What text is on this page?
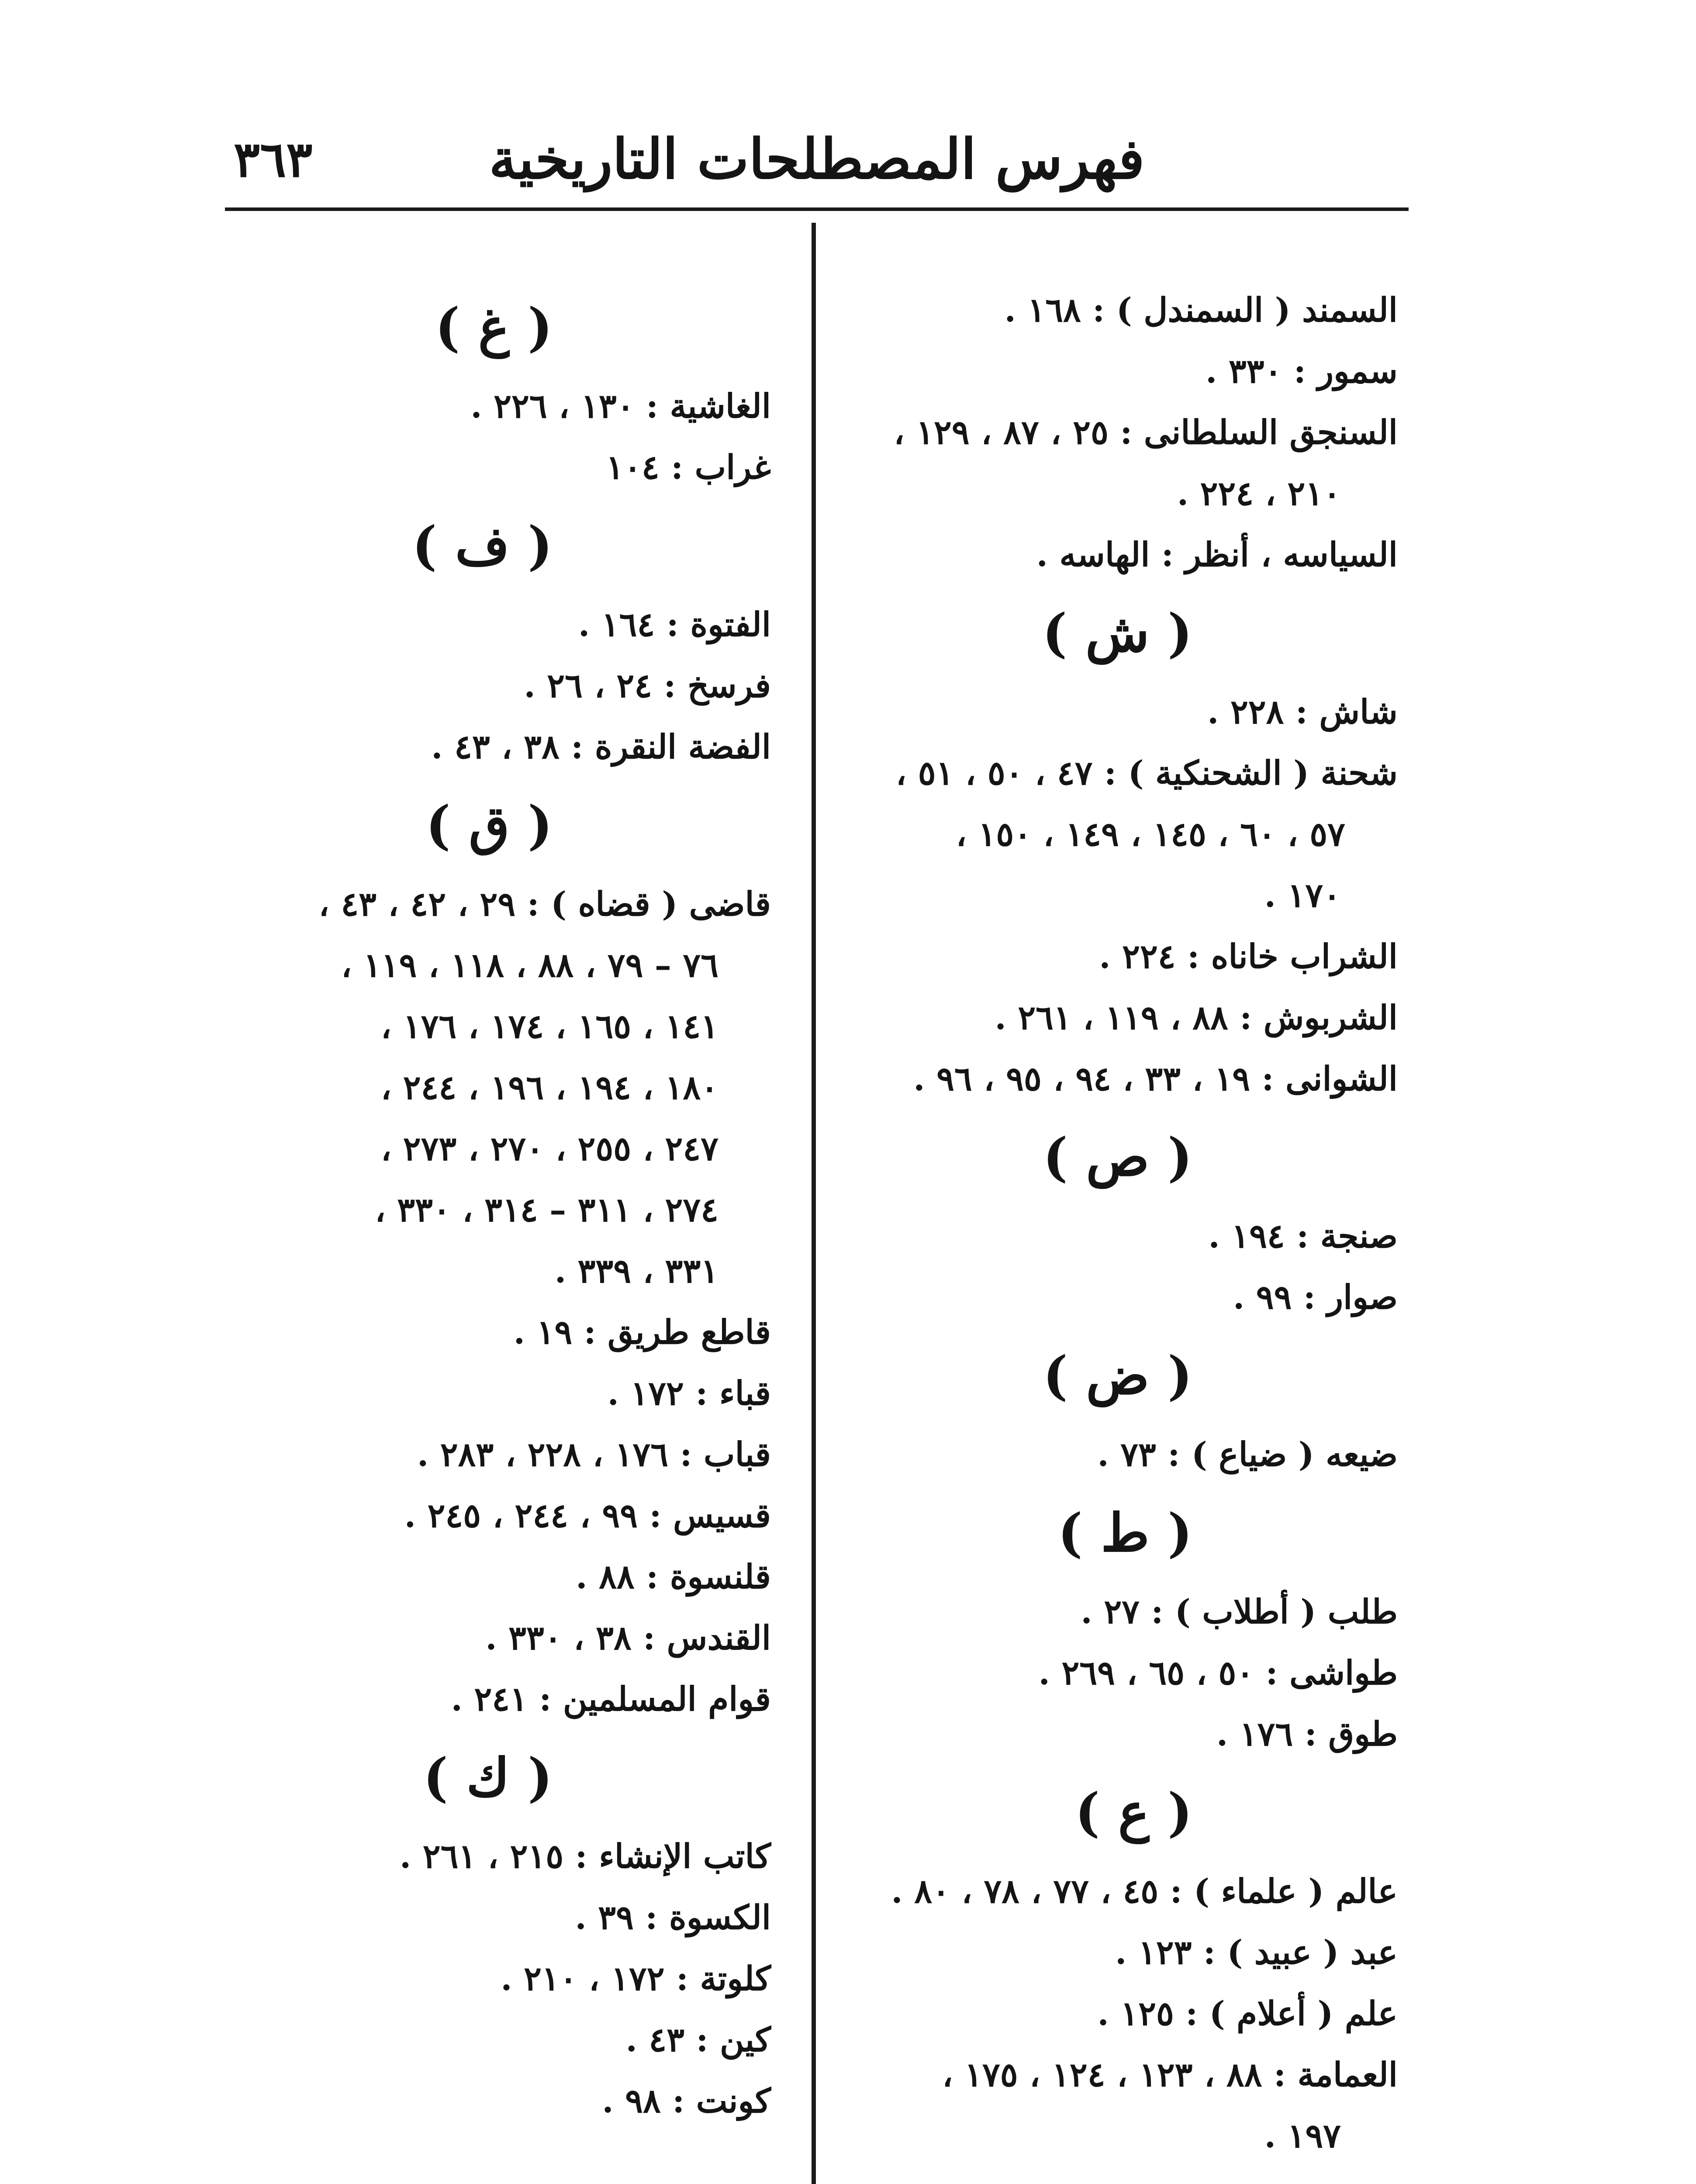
٣٦٣	فهرس المصطلحات التاريخية
السمند ( السمندل ) : ١٦٨ .
سمور : ٣٣٠ .
السنجق السلطانى : ٢٥ ، ٨٧ ، ١٢٩ ،
٢١٠ ، ٢٢٤ .
السياسه ، أنظر : الهاسه .
( ش )
شاش : ٢٢٨ .
شحنة ( الشحنكية ) : ٤٧ ، ٥٠ ، ٥١ ،
٥٧ ، ٦٠ ، ١٤٥ ، ١٤٩ ، ١٥٠ ،
١٧٠ .
الشراب خاناه : ٢٢٤ .
الشربوش : ٨٨ ، ١١٩ ، ٢٦١ .
الشوانى : ١٩ ، ٣٣ ، ٩٤ ، ٩٥ ، ٩٦ .
( ص )
صنجة : ١٩٤ .
صوار : ٩٩ .
( ض )
ضيعه ( ضياع ) : ٧٣ .
( ط )
طلب ( أطلاب ) : ٢٧ .
طواشى : ٥٠ ، ٦٥ ، ٢٦٩ .
طوق : ١٧٦ .
( ع )
عالم ( علماء ) : ٤٥ ، ٧٧ ، ٧٨ ، ٨٠ .
عبد ( عبيد ) : ١٢٣ .
علم ( أعلام ) : ١٢٥ .
العمامة : ٨٨ ، ١٢٣ ، ١٢٤ ، ١٧٥ ،
١٩٧ .
( غ )
الغاشية : ١٣٠ ، ٢٢٦ .
غراب : ١٠٤
( ف )
الفتوة : ١٦٤ .
فرسخ : ٢٤ ، ٢٦ .
الفضة النقرة : ٣٨ ، ٤٣ .
( ق )
قاضى ( قضاه ) : ٢٩ ، ٤٢ ، ٤٣ ،
٧٦ – ٧٩ ، ٨٨ ، ١١٨ ، ١١٩ ،
١٤١ ، ١٦٥ ، ١٧٤ ، ١٧٦ ،
١٨٠ ، ١٩٤ ، ١٩٦ ، ٢٤٤ ،
٢٤٧ ، ٢٥٥ ، ٢٧٠ ، ٢٧٣ ،
٢٧٤ ، ٣١١ – ٣١٤ ، ٣٣٠ ،
٣٣١ ، ٣٣٩ .
قاطع طريق : ١٩ .
قباء : ١٧٢ .
قباب : ١٧٦ ، ٢٢٨ ، ٢٨٣ .
قسيس : ٩٩ ، ٢٤٤ ، ٢٤٥ .
قلنسوة : ٨٨ .
القندس : ٣٨ ، ٣٣٠ .
قوام المسلمين : ٢٤١ .
( ك )
كاتب الإنشاء : ٢١٥ ، ٢٦١ .
الكسوة : ٣٩ .
كلوتة : ١٧٢ ، ٢١٠ .
كين : ٤٣ .
كونت : ٩٨ .
